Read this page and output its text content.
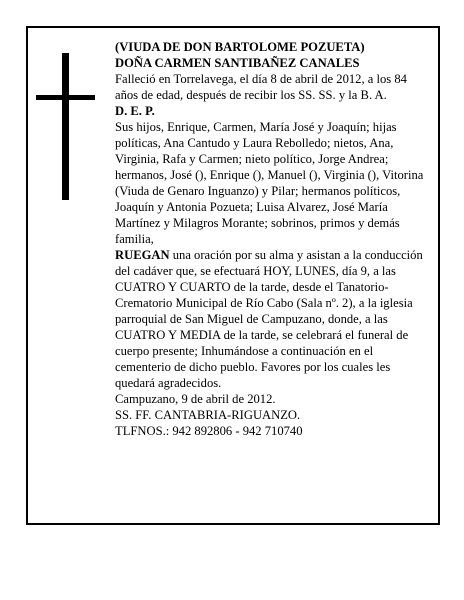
(VIUDA DE DON BARTOLOME POZUETA)

DOÑA CARMEN SANTIBAÑEZ CANALES

Falleció en Torrelavega, el día 8 de abril de 2012, a los 84 años de edad, después de recibir los SS. SS. y la B. A.

D. E. P.

Sus hijos, Enrique, Carmen, María José y Joaquín; hijas políticas, Ana Cantudo y Laura Rebolledo; nietos, Ana, Virginia, Rafa y Carmen; nieto político, Jorge Andrea; hermanos, José (), Enrique (), Manuel (), Virginia (), Vitorina (Viuda de Genaro Inguanzo) y Pilar; hermanos políticos, Joaquín y Antonia Pozueta; Luisa Alvarez, José María Martínez y Milagros Morante; sobrinos, primos y demás familia,

RUEGAN una oración por su alma y asistan a la conducción del cadáver que, se efectuará HOY, LUNES, día 9, a las CUATRO Y CUARTO de la tarde, desde el Tanatorio-Crematorio Municipal de Río Cabo (Sala nº. 2), a la iglesia parroquial de San Miguel de Campuzano, donde, a las CUATRO Y MEDIA de la tarde, se celebrará el funeral de cuerpo presente; Inhumándose a continuación en el cementerio de dicho pueblo. Favores por los cuales les quedará agradecidos.

Campuzano, 9 de abril de 2012.

SS. FF. CANTABRIA-RIGUANZO.

TLFNOS.: 942 892806 - 942 710740
